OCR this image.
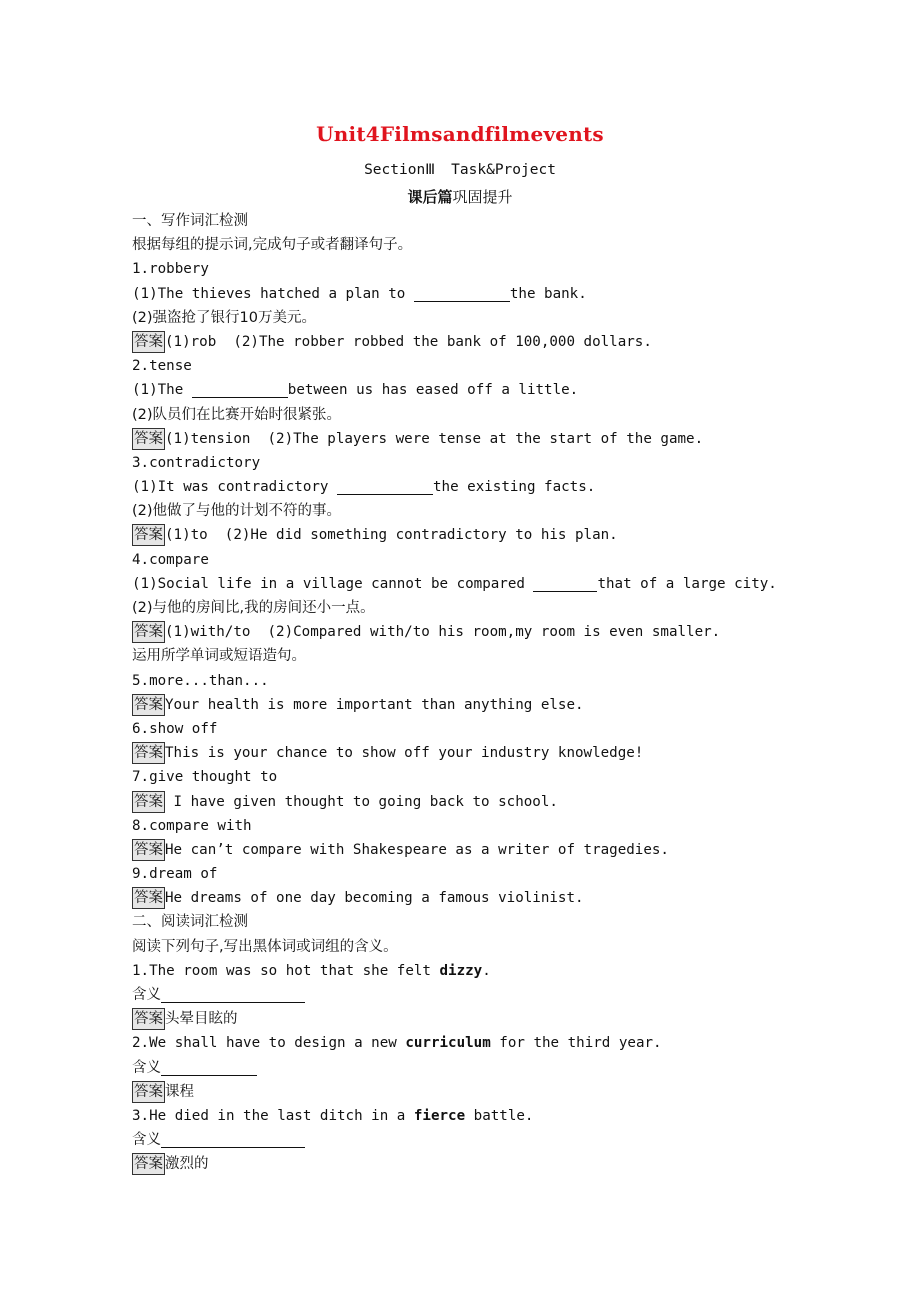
Unit4Filmsandfilmevents
SectionⅢ Task&Project
课后篇巩固提升
一、写作词汇检测
根据每组的提示词,完成句子或者翻译句子。
1.robbery
(1)The thieves hatched a plan to	the bank.
(2)强盗抢了银行10万美元。
答案 (1)rob  (2)The robber robbed the bank of 100,000 dollars.
2.tense
(1)The	between us has eased off a little.
(2)队员们在比赛开始时很紧张。
答案 (1)tension  (2)The players were tense at the start of the game.
3.contradictory
(1)It was contradictory	the existing facts.
(2)他做了与他的计划不符的事。
答案 (1)to  (2)He did something contradictory to his plan.
4.compare
(1)Social life in a village cannot be compared	that of a large city.
(2)与他的房间比,我的房间还小一点。
答案 (1)with/to  (2)Compared with/to his room,my room is even smaller.
运用所学单词或短语造句。
5.more...than...
答案 Your health is more important than anything else.
6.show off
答案 This is your chance to show off your industry knowledge!
7.give thought to
答案 I have given thought to going back to school.
8.compare with
答案 He can’t compare with Shakespeare as a writer of tragedies.
9.dream of
答案 He dreams of one day becoming a famous violinist.
二、阅读词汇检测
阅读下列句子,写出黑体词或词组的含义。
1.The room was so hot that she felt dizzy.
含义
答案 头晕目眩的
2.We shall have to design a new curriculum for the third year.
含义
答案 课程
3.He died in the last ditch in a fierce battle.
含义
答案 激烈的
